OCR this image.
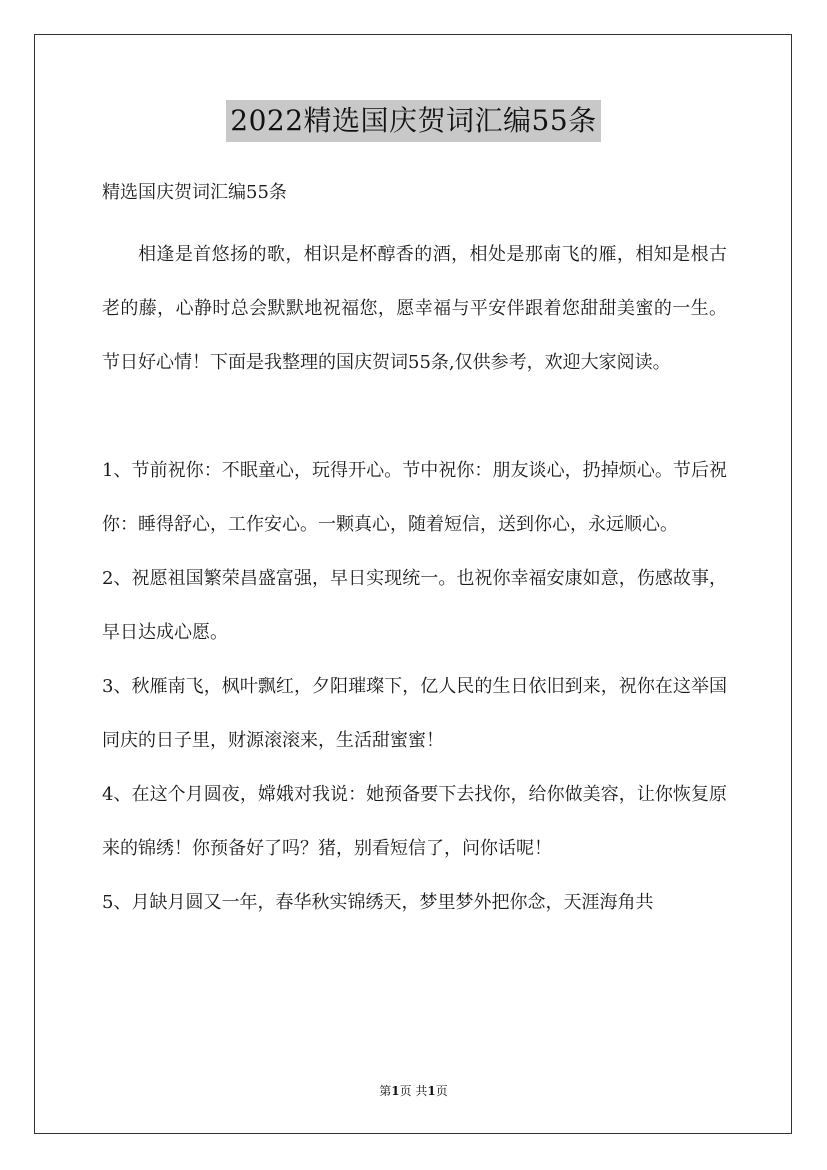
2022精选国庆贺词汇编55条
精选国庆贺词汇编55条

相逢是首悠扬的歌，相识是杯醇香的酒，相处是那南飞的雁，相知是根古老的藤，心静时总会默默地祝福您，愿幸福与平安伴跟着您甜甜美蜜的一生。节日好心情！下面是我整理的国庆贺词55条,仅供参考，欢迎大家阅读。

1、节前祝你：不眠童心，玩得开心。节中祝你：朋友谈心，扔掉烦心。节后祝你：睡得舒心，工作安心。一颗真心，随着短信，送到你心，永远顺心。

2、祝愿祖国繁荣昌盛富强，早日实现统一。也祝你幸福安康如意，伤感故事，早日达成心愿。

3、秋雁南飞，枫叶飘红，夕阳璀璨下，亿人民的生日依旧到来，祝你在这举国同庆的日子里，财源滚滚来，生活甜蜜蜜！

4、在这个月圆夜，嫦娥对我说：她预备要下去找你，给你做美容，让你恢复原来的锦绣！你预备好了吗？猪，别看短信了，问你话呢！

5、月缺月圆又一年，春华秋实锦绣天，梦里梦外把你念，天涯海角共

第1页 共1页
